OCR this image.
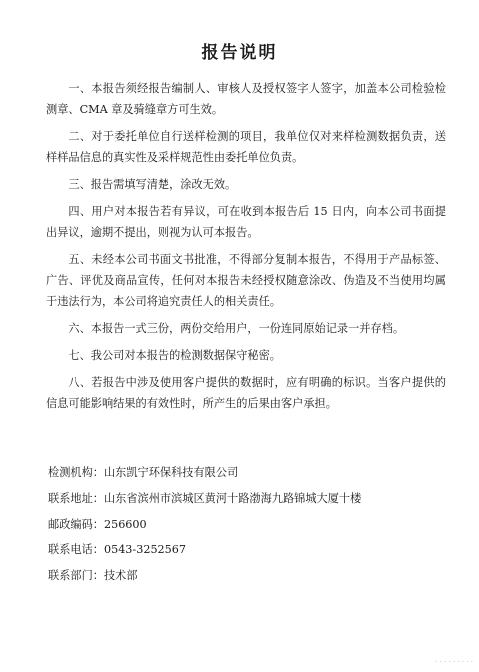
报告说明

一、本报告须经报告编制人、审核人及授权签字人签字，加盖本公司检验检测章、CMA 章及骑缝章方可生效。

二、对于委托单位自行送样检测的项目，我单位仅对来样检测数据负责，送样样品信息的真实性及采样规范性由委托单位负责。

三、报告需填写清楚，涂改无效。

四、用户对本报告若有异议，可在收到本报告后 15 日内，向本公司书面提出异议，逾期不提出，则视为认可本报告。

五、未经本公司书面文书批准，不得部分复制本报告，不得用于产品标签、广告、评优及商品宣传，任何对本报告未经授权随意涂改、伪造及不当使用均属于违法行为，本公司将追究责任人的相关责任。

六、本报告一式三份，两份交给用户，一份连同原始记录一并存档。

七、我公司对本报告的检测数据保守秘密。

八、若报告中涉及使用客户提供的数据时，应有明确的标识。当客户提供的信息可能影响结果的有效性时，所产生的后果由客户承担。

检测机构：山东凯宁环保科技有限公司
联系地址：山东省滨州市滨城区黄河十路渤海九路锦城大厦十楼
邮政编码：256600
联系电话：0543-3252567
联系部门：技术部
· · · · · · · · ·
